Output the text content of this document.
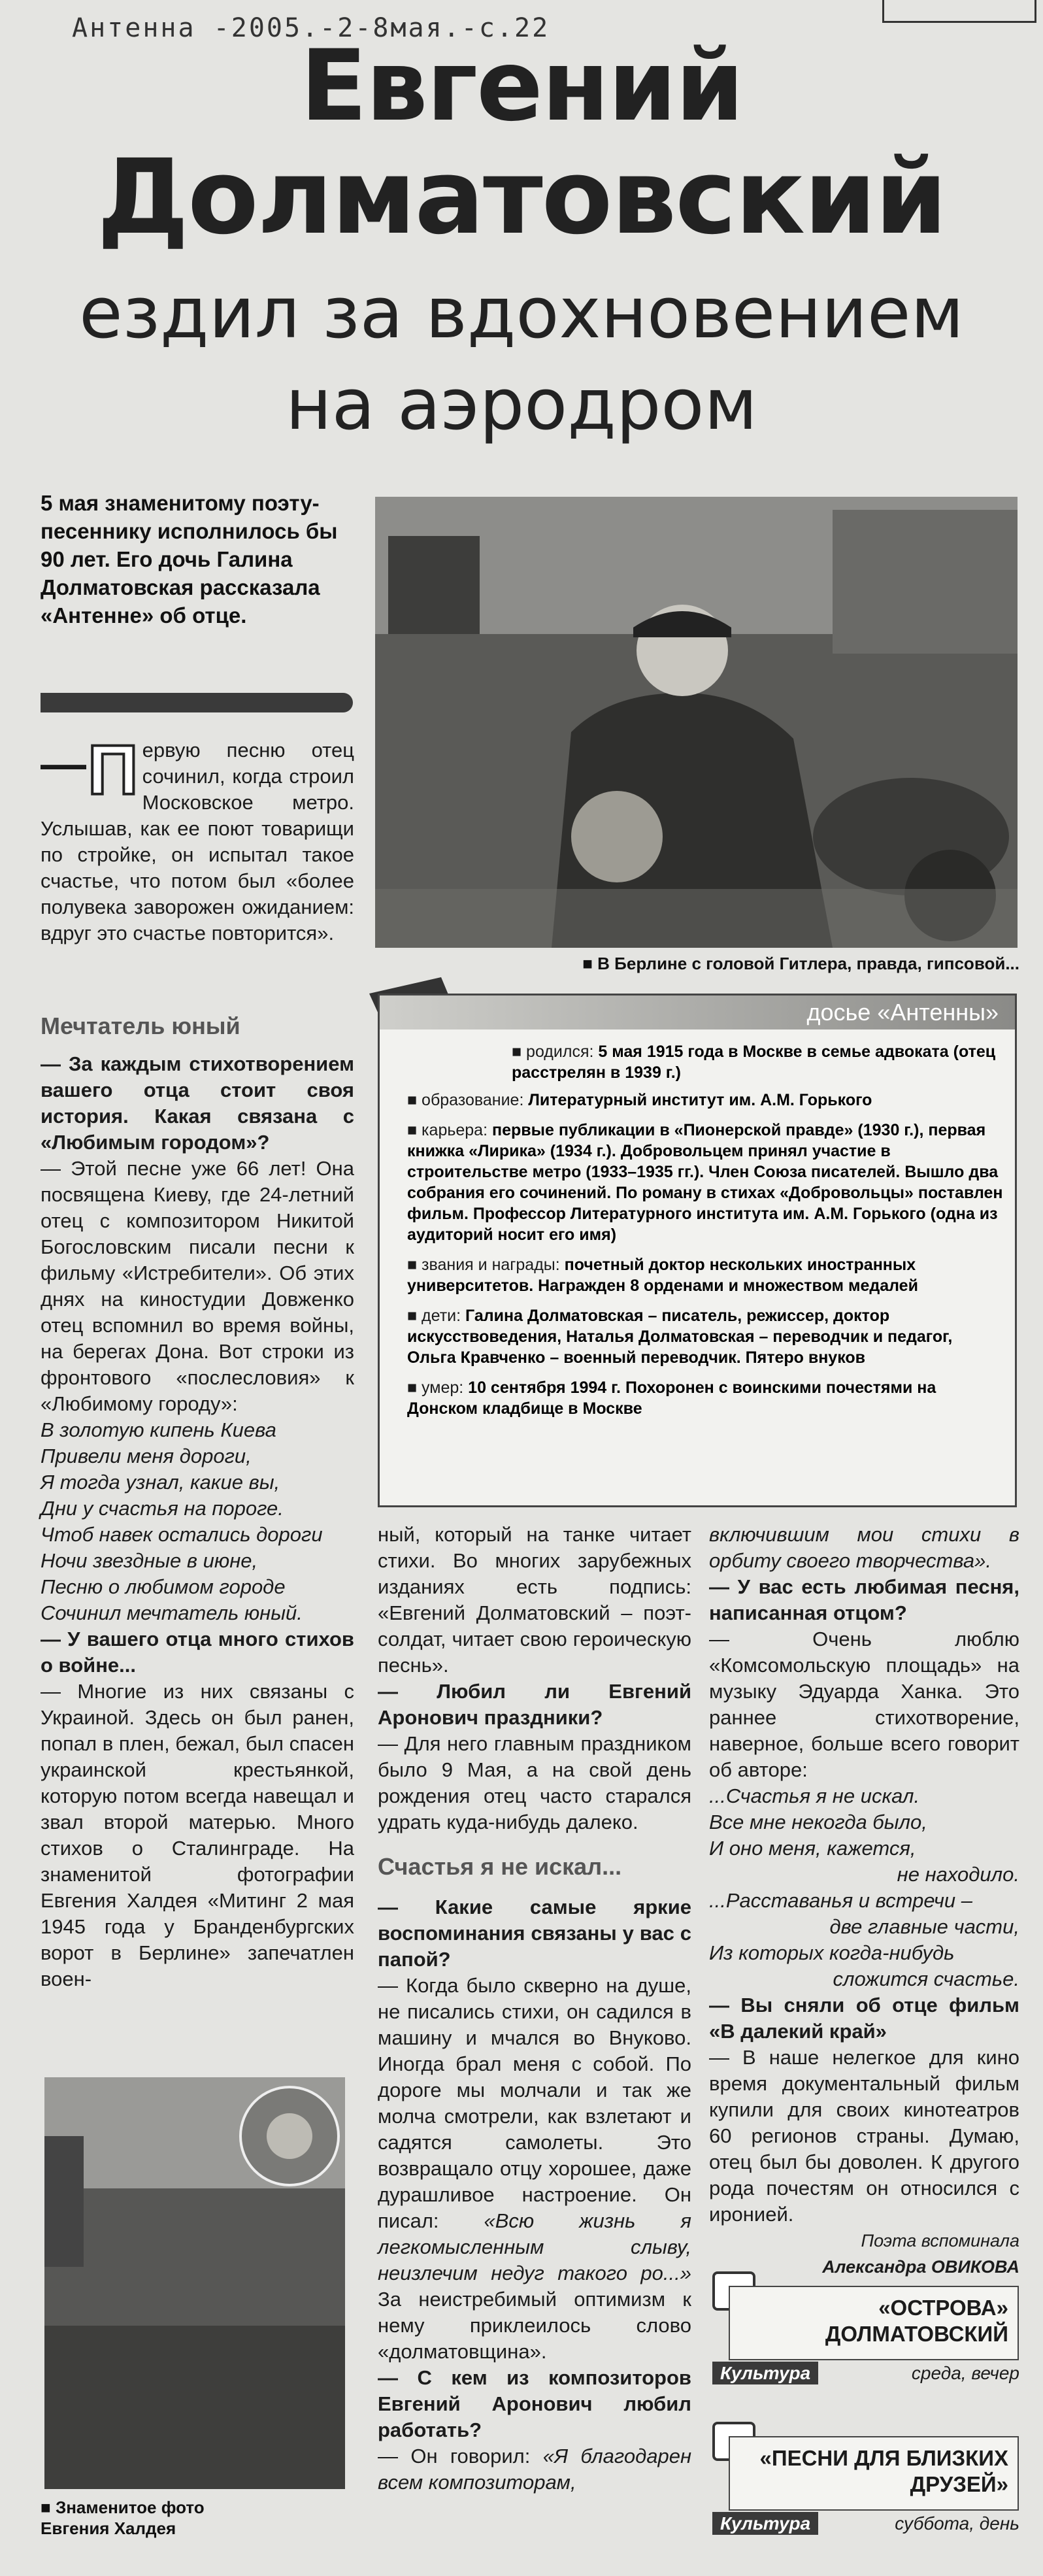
Антенна -2005.-2-8мая.-с.22
Евгений
Долматовский
ездил за вдохновением
на аэродром
5 мая знаменитому поэту-песеннику исполнилось бы 90 лет. Его дочь Галина Долматовская рассказала «Антенне» об отце.
■ В Берлине с головой Гитлера, правда, гипсовой...
— П ервую песню отец сочинил, когда строил Московское метро. Услышав, как ее поют товарищи по стройке, он испытал такое счастье, что потом был «более полувека заворожен ожиданием: вдруг это счастье повторится».
досье «Антенны»
■ родился: 5 мая 1915 года в Москве в семье адвоката (отец расстрелян в 1939 г.)
■ образование: Литературный институт им. А.М. Горького
■ карьера: первые публикации в «Пионерской правде» (1930 г.), первая книжка «Лирика» (1934 г.). Добровольцем принял участие в строительстве метро (1933–1935 гг.). Член Союза писателей. Вышло два собрания его сочинений. По роману в стихах «Добровольцы» поставлен фильм. Профессор Литературного института им. А.М. Горького (одна из аудиторий носит его имя)
■ звания и награды: почетный доктор нескольких иностранных университетов. Награжден 8 орденами и множеством медалей
■ дети: Галина Долматовская – писатель, режиссер, доктор искусствоведения, Наталья Долматовская – переводчик и педагог, Ольга Кравченко – военный переводчик. Пятеро внуков
■ умер: 10 сентября 1994 г. Похоронен с воинскими почестями на Донском кладбище в Москве
Мечтатель юный

— За каждым стихотворением вашего отца стоит своя история. Какая связана с «Любимым городом»?

— Этой песне уже 66 лет! Она посвящена Киеву, где 24-летний отец с композитором Никитой Богословским писали песни к фильму «Истребители». Об этих днях на киностудии Довженко отец вспомнил во время войны, на берегах Дона. Вот строки из фронтового «послесловия» к «Любимому городу»:

В золотую кипень Киева

Привели меня дороги,

Я тогда узнал, какие вы,

Дни у счастья на пороге.

Чтоб навек остались дороги

Ночи звездные в июне,

Песню о любимом городе

Сочинил мечтатель юный.

— У вашего отца много стихов о войне...

— Многие из них связаны с Украиной. Здесь он был ранен, попал в плен, бежал, был спасен украинской крестьянкой, которую потом всегда навещал и звал второй матерью. Много стихов о Сталинграде. На знаменитой фотографии Евгения Халдея «Митинг 2 мая 1945 года у Бранденбургских ворот в Берлине» запечатлен воен-

■ Знаменитое фото Евгения Халдея

ный, который на танке читает стихи. Во многих зарубежных изданиях есть подпись: «Евгений Долматовский – поэт-солдат, читает свою героическую песнь».

— Любил ли Евгений Аронович праздники?

— Для него главным праздником было 9 Мая, а на свой день рождения отец часто старался удрать куда-нибудь далеко.

Счастья я не искал...

— Какие самые яркие воспоминания связаны у вас с папой?

— Когда было скверно на душе, не писались стихи, он садился в машину и мчался во Внуково. Иногда брал меня с собой. По дороге мы молчали и так же молча смотрели, как взлетают и садятся самолеты. Это возвращало отцу хорошее, даже дурашливое настроение. Он писал: «Всю жизнь я легкомысленным слыву, неизлечим недуг такого ро...» За неистребимый оптимизм к нему приклеилось слово «долматовщина».

— С кем из композиторов Евгений Аронович любил работать?

— Он говорил: «Я благодарен всем композиторам,

включившим мои стихи в орбиту своего творчества».

— У вас есть любимая песня, написанная отцом?

— Очень люблю «Комсомольскую площадь» на музыку Эдуарда Ханка. Это раннее стихотворение, наверное, больше всего говорит об авторе:

...Счастья я не искал.

Все мне некогда было,

И оно меня, кажется,

не находило.

...Расставанья и встречи –

две главные части,

Из которых когда-нибудь

сложится счастье.

— Вы сняли об отце фильм «В далекий край»

— В наше нелегкое для кино время документальный фильм купили для своих кинотеатров 60 регионов страны. Думаю, отец был бы доволен. К другого рода почестям он относился с иронией.

Поэта вспоминала

Александра ОВИКОВА

«ОСТРОВА» ДОЛМАТОВСКИЙ
Культура	среда, вечер
«ПЕСНИ ДЛЯ БЛИЗКИХ ДРУЗЕЙ»
Культура	суббота, день
